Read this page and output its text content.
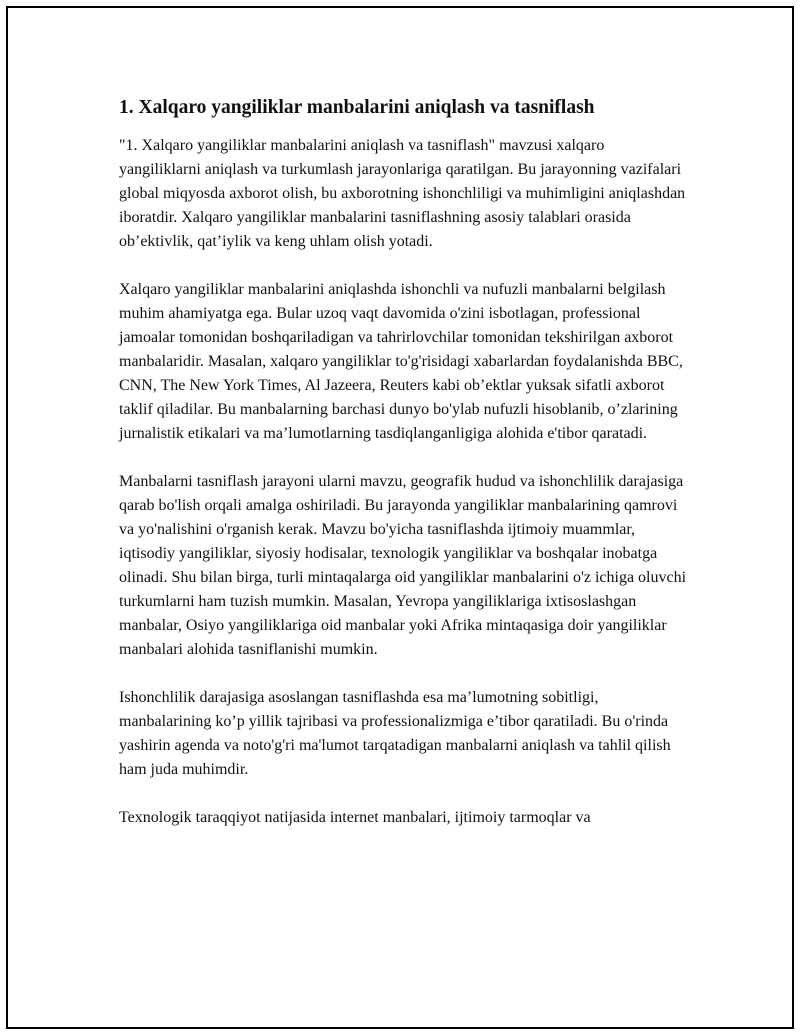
1. Xalqaro yangiliklar manbalarini aniqlash va tasniflash

"1. Xalqaro yangiliklar manbalarini aniqlash va tasniflash" mavzusi xalqaro yangiliklarni aniqlash va turkumlash jarayonlariga qaratilgan. Bu jarayonning vazifalari global miqyosda axborot olish, bu axborotning ishonchliligi va muhimligini aniqlashdan iboratdir. Xalqaro yangiliklar manbalarini tasniflashning asosiy talablari orasida ob’ektivlik, qat’iylik va keng uhlam olish yotadi.

Xalqaro yangiliklar manbalarini aniqlashda ishonchli va nufuzli manbalarni belgilash muhim ahamiyatga ega. Bular uzoq vaqt davomida o'zini isbotlagan, professional jamoalar tomonidan boshqariladigan va tahrirlovchilar tomonidan tekshirilgan axborot manbalaridir. Masalan, xalqaro yangiliklar to'g'risidagi xabarlardan foydalanishda BBC, CNN, The New York Times, Al Jazeera, Reuters kabi ob’ektlar yuksak sifatli axborot taklif qiladilar. Bu manbalarning barchasi dunyo bo'ylab nufuzli hisoblanib, o’zlarining jurnalistik etikalari va ma’lumotlarning tasdiqlanganligiga alohida e'tibor qaratadi.

Manbalarni tasniflash jarayoni ularni mavzu, geografik hudud va ishonchlilik darajasiga qarab bo'lish orqali amalga oshiriladi. Bu jarayonda yangiliklar manbalarining qamrovi va yo'nalishini o'rganish kerak. Mavzu bo'yicha tasniflashda ijtimoiy muammlar, iqtisodiy yangiliklar, siyosiy hodisalar, texnologik yangiliklar va boshqalar inobatga olinadi. Shu bilan birga, turli mintaqalarga oid yangiliklar manbalarini o'z ichiga oluvchi turkumlarni ham tuzish mumkin. Masalan, Yevropa yangiliklariga ixtisoslashgan manbalar, Osiyo yangiliklariga oid manbalar yoki Afrika mintaqasiga doir yangiliklar manbalari alohida tasniflanishi mumkin.

Ishonchlilik darajasiga asoslangan tasniflashda esa ma’lumotning sobitligi, manbalarining ko’p yillik tajribasi va professionalizmiga e’tibor qaratiladi. Bu o'rinda yashirin agenda va noto'g'ri ma'lumot tarqatadigan manbalarni aniqlash va tahlil qilish ham juda muhimdir.

Texnologik taraqqiyot natijasida internet manbalari, ijtimoiy tarmoqlar va
